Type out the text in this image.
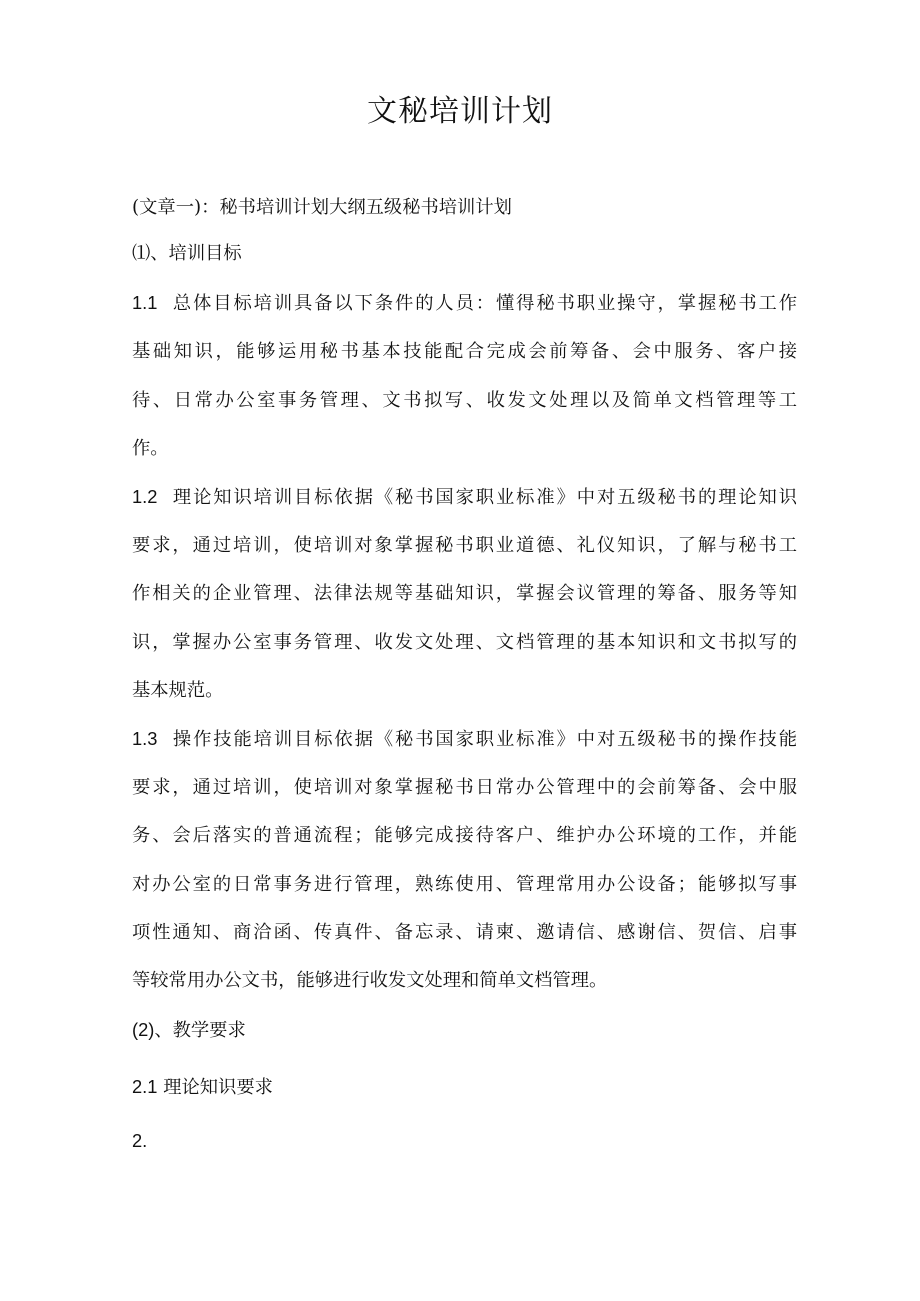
文秘培训计划
(文章一)：秘书培训计划大纲五级秘书培训计划
⑴、培训目标
1.1 总体目标培训具备以下条件的人员：懂得秘书职业操守，掌握秘书工作
基础知识，能够运用秘书基本技能配合完成会前筹备、会中服务、客户接
待、日常办公室事务管理、文书拟写、收发文处理以及简单文档管理等工
作。
1.2 理论知识培训目标依据《秘书国家职业标准》中对五级秘书的理论知识
要求，通过培训，使培训对象掌握秘书职业道德、礼仪知识，了解与秘书工
作相关的企业管理、法律法规等基础知识，掌握会议管理的筹备、服务等知
识，掌握办公室事务管理、收发文处理、文档管理的基本知识和文书拟写的
基本规范。
1.3 操作技能培训目标依据《秘书国家职业标准》中对五级秘书的操作技能
要求，通过培训，使培训对象掌握秘书日常办公管理中的会前筹备、会中服
务、会后落实的普通流程；能够完成接待客户、维护办公环境的工作，并能
对办公室的日常事务进行管理，熟练使用、管理常用办公设备；能够拟写事
项性通知、商洽函、传真件、备忘录、请柬、邀请信、感谢信、贺信、启事
等较常用办公文书，能够进行收发文处理和简单文档管理。
(2)、教学要求
2.1 理论知识要求
2.
